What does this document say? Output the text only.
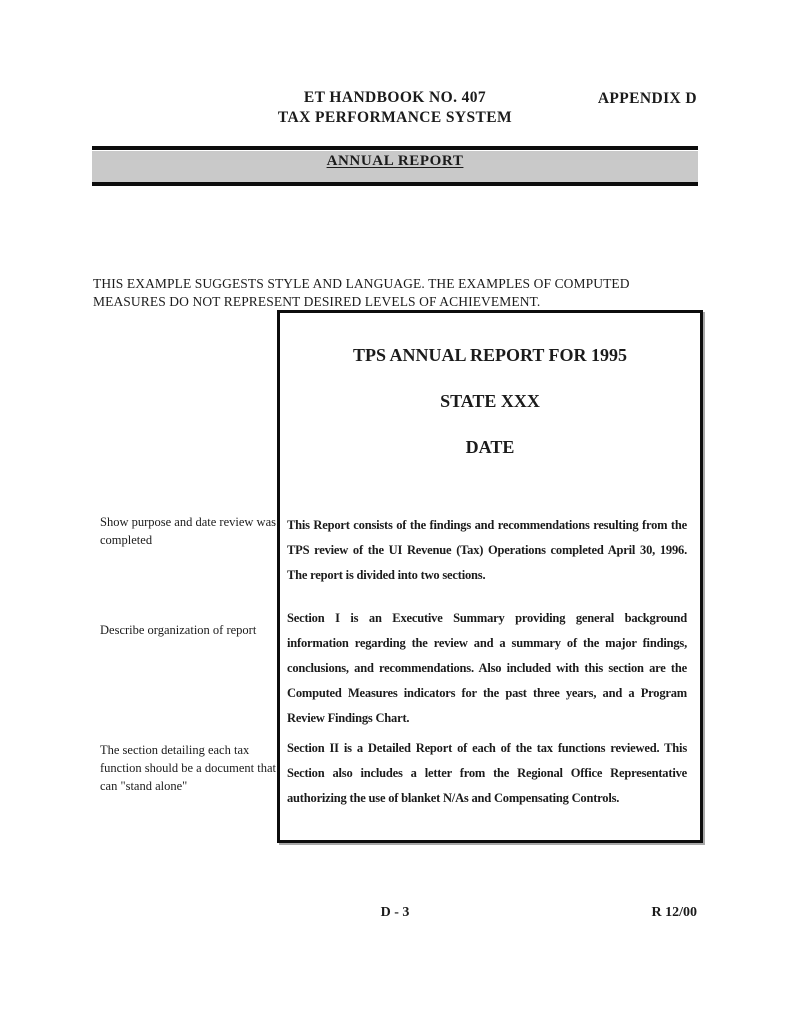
ET HANDBOOK NO. 407
TAX PERFORMANCE SYSTEM
APPENDIX D
ANNUAL REPORT

THIS EXAMPLE SUGGESTS STYLE AND LANGUAGE. THE EXAMPLES OF COMPUTED MEASURES DO NOT REPRESENT DESIRED LEVELS OF ACHIEVEMENT.

TPS ANNUAL REPORT FOR 1995
STATE XXX
DATE

This Report consists of the findings and recommendations resulting from the TPS review of the UI Revenue (Tax) Operations completed April 30, 1996. The report is divided into two sections.

Section I is an Executive Summary providing general background information regarding the review and a summary of the major findings, conclusions, and recommendations. Also included with this section are the Computed Measures indicators for the past three years, and a Program Review Findings Chart.

Section II is a Detailed Report of each of the tax functions reviewed. This Section also includes a letter from the Regional Office Representative authorizing the use of blanket N/As and Compensating Controls.

Show purpose and date review was completed
Describe organization of report
The section detailing each tax function should be a document that can "stand alone"
D - 3	R 12/00
